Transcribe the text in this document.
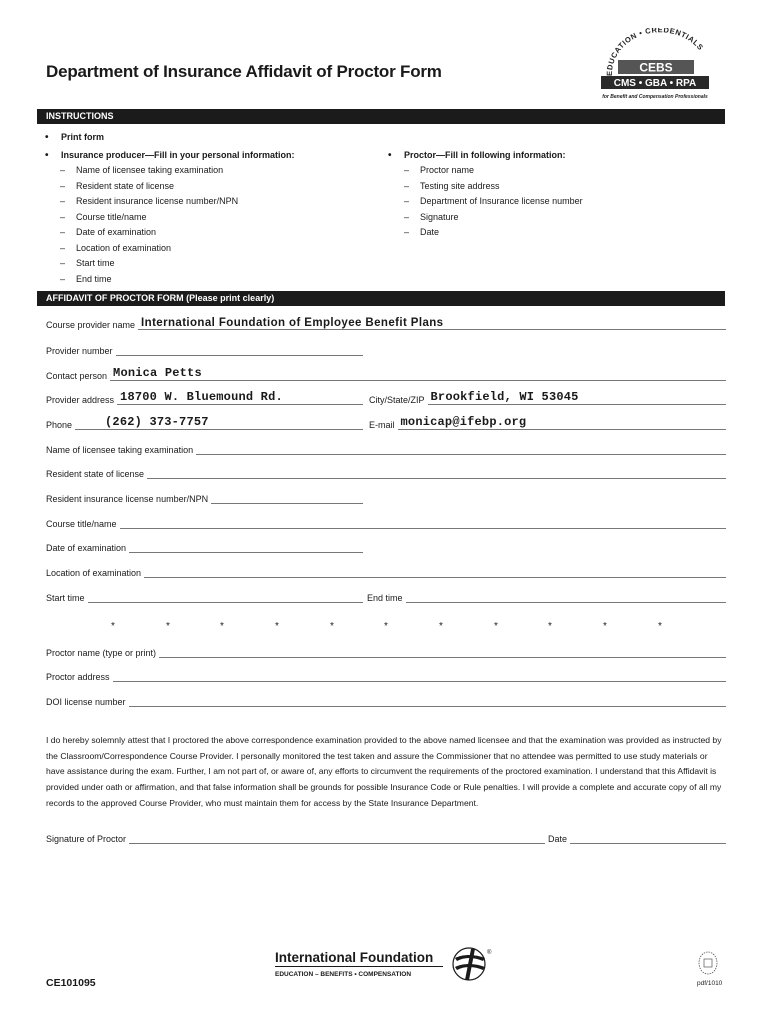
Department of Insurance Affidavit of Proctor Form	EDUCATION • CREDENTIALS
CEBS
CMS • GBA • RPA
for Benefit and Compensation Professionals
INSTRUCTIONS
• Print form
• Insurance producer—Fill in your personal information:
•	Proctor—Fill in following information:
– Name of licensee taking examination
– Resident state of license
– Resident insurance license number/NPN
– Course title/name
– Date of examination
– Location of examination
– Start time
– End time
– Proctor name
– Testing site address
– Department of Insurance license number
– Signature
– Date
AFFIDAVIT OF PROCTOR FORM (Please print clearly)
Course provider name International Foundation of Employee Benefit Plans
Provider number
Contact person Monica Petts
Provider address 18700 W. Bluemound Rd.	City/State/ZIP Brookfield, WI 53045
Phone	(262) 373-7757	E-mail monicap@ifebp.org
Name of licensee taking examination
Resident state of license
Resident insurance license number/NPN
Course title/name
Date of examination
Location of examination
Start time	End time
*	*	*	*	*	*	*	*	*	*	*
Proctor name (type or print)
Proctor address
DOI license number
I do hereby solemnly attest that I proctored the above correspondence examination provided to the above named licensee and that the examination was provided as instructed by the Classroom/Correspondence Course Provider. I personally monitored the test taken and assure the Commissioner that no attendee was permitted to use study materials or have assistance during the exam. Further, I am not part of, or aware of, any efforts to circumvent the requirements of the proctored examination. I understand that this Affidavit is provided under oath or affirmation, and that false information shall be grounds for possible Insurance Code or Rule penalties. I will provide a complete and accurate copy of all my records to the approved Course Provider, who must maintain them for access by the State Insurance Department.
Signature of Proctor	Date
International Foundation
EDUCATION – BENEFITS • COMPENSATION
®
CE101095	pdf/1010
